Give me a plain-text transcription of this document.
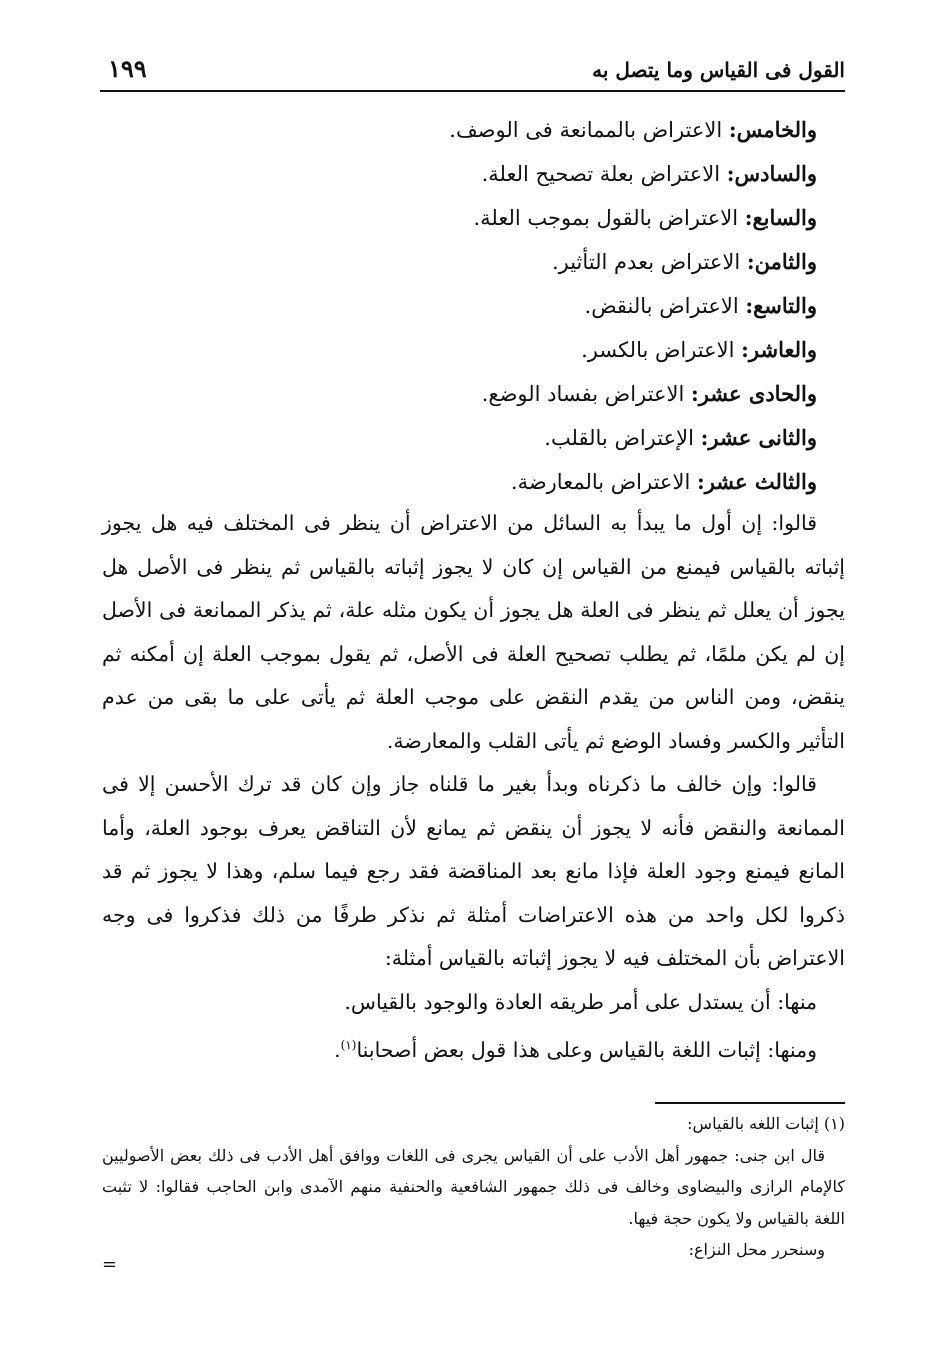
القول فى القياس وما يتصل به
١٩٩
والخامس: الاعتراض بالممانعة فى الوصف.
والسادس: الاعتراض بعلة تصحيح العلة.
والسابع: الاعتراض بالقول بموجب العلة.
والثامن: الاعتراض بعدم التأثير.
والتاسع: الاعتراض بالنقض.
والعاشر: الاعتراض بالكسر.
والحادى عشر: الاعتراض بفساد الوضع.
والثانى عشر: الإعتراض بالقلب.
والثالث عشر: الاعتراض بالمعارضة.

قالوا: إن أول ما يبدأ به السائل من الاعتراض أن ينظر فى المختلف فيه هل يجوز إثباته بالقياس فيمنع من القياس إن كان لا يجوز إثباته بالقياس ثم ينظر فى الأصل هل يجوز أن يعلل ثم ينظر فى العلة هل يجوز أن يكون مثله علة، ثم يذكر الممانعة فى الأصل إن لم يكن ملمًا، ثم يطلب تصحيح العلة فى الأصل، ثم يقول بموجب العلة إن أمكنه ثم ينقض، ومن الناس من يقدم النقض على موجب العلة ثم يأتى على ما بقى من عدم التأثير والكسر وفساد الوضع ثم يأتى القلب والمعارضة.

قالوا: وإن خالف ما ذكرناه وبدأ بغير ما قلناه جاز وإن كان قد ترك الأحسن إلا فى الممانعة والنقض فأنه لا يجوز أن ينقض ثم يمانع لأن التناقض يعرف بوجود العلة، وأما المانع فيمنع وجود العلة فإذا مانع بعد المناقضة فقد رجع فيما سلم، وهذا لا يجوز ثم قد ذكروا لكل واحد من هذه الاعتراضات أمثلة ثم نذكر طرفًا من ذلك فذكروا فى وجه الاعتراض بأن المختلف فيه لا يجوز إثباته بالقياس أمثلة:

منها: أن يستدل على أمر طريقه العادة والوجود بالقياس.

ومنها: إثبات اللغة بالقياس وعلى هذا قول بعض أصحابنا$^{(١)}$.

(١) إثبات اللغه بالقياس:

قال ابن جنى: جمهور أهل الأدب على أن القياس يجرى فى اللغات ووافق أهل الأدب فى ذلك بعض الأصوليين كالإمام الرازى والبيضاوى وخالف فى ذلك جمهور الشافعية والحنفية منهم الآمدى وابن الحاجب فقالوا: لا تثبت اللغة بالقياس ولا يكون حجة فيها.

وسنحرر محل النزاع:

=
